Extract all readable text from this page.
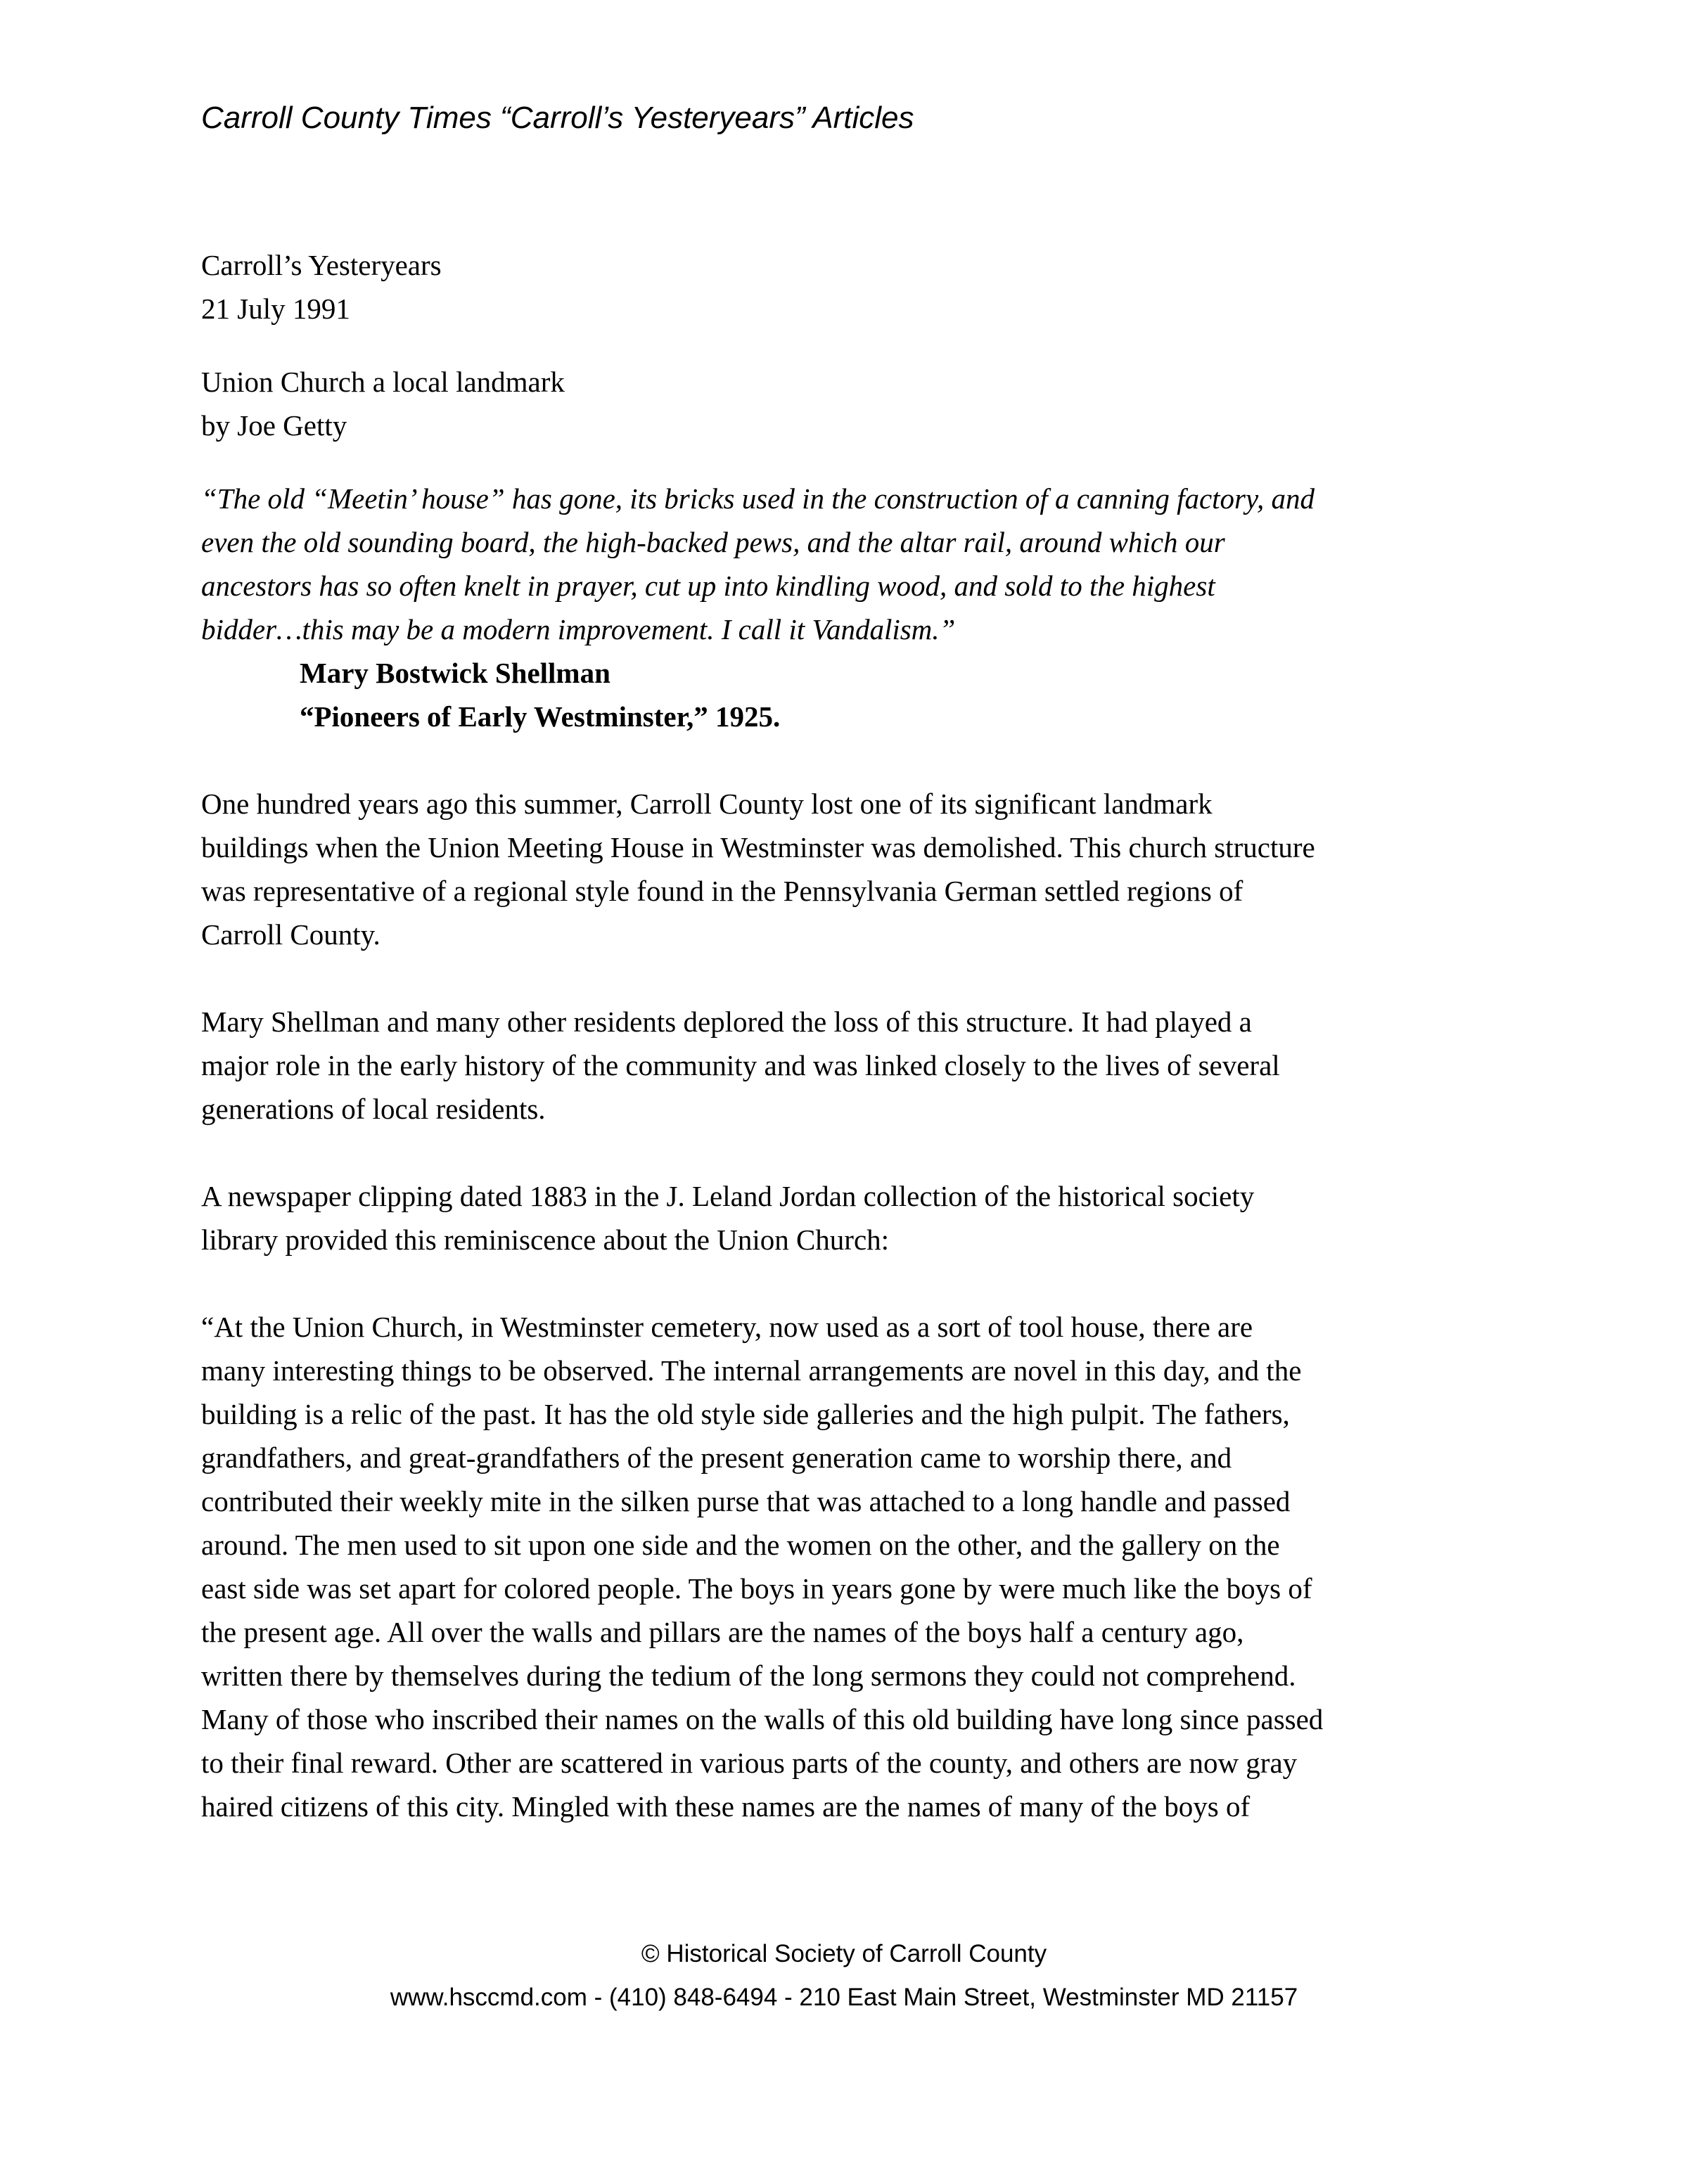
Carroll County Times “Carroll’s Yesteryears” Articles
Carroll’s Yesteryears
21 July 1991
Union Church a local landmark
by Joe Getty
“The old “Meetin’ house” has gone, its bricks used in the construction of a canning factory, and
even the old sounding board, the high-backed pews, and the altar rail, around which our
ancestors has so often knelt in prayer, cut up into kindling wood, and sold to the highest
bidder…this may be a modern improvement. I call it Vandalism.”
Mary Bostwick Shellman
“Pioneers of Early Westminster,” 1925.

One hundred years ago this summer, Carroll County lost one of its significant landmark
buildings when the Union Meeting House in Westminster was demolished. This church structure
was representative of a regional style found in the Pennsylvania German settled regions of
Carroll County.

Mary Shellman and many other residents deplored the loss of this structure. It had played a
major role in the early history of the community and was linked closely to the lives of several
generations of local residents.

A newspaper clipping dated 1883 in the J. Leland Jordan collection of the historical society
library provided this reminiscence about the Union Church:

“At the Union Church, in Westminster cemetery, now used as a sort of tool house, there are
many interesting things to be observed. The internal arrangements are novel in this day, and the
building is a relic of the past. It has the old style side galleries and the high pulpit. The fathers,
grandfathers, and great-grandfathers of the present generation came to worship there, and
contributed their weekly mite in the silken purse that was attached to a long handle and passed
around. The men used to sit upon one side and the women on the other, and the gallery on the
east side was set apart for colored people. The boys in years gone by were much like the boys of
the present age. All over the walls and pillars are the names of the boys half a century ago,
written there by themselves during the tedium of the long sermons they could not comprehend.
Many of those who inscribed their names on the walls of this old building have long since passed
to their final reward. Other are scattered in various parts of the county, and others are now gray
haired citizens of this city. Mingled with these names are the names of many of the boys of

© Historical Society of Carroll County
www.hsccmd.com - (410) 848-6494 - 210 East Main Street, Westminster MD 21157
